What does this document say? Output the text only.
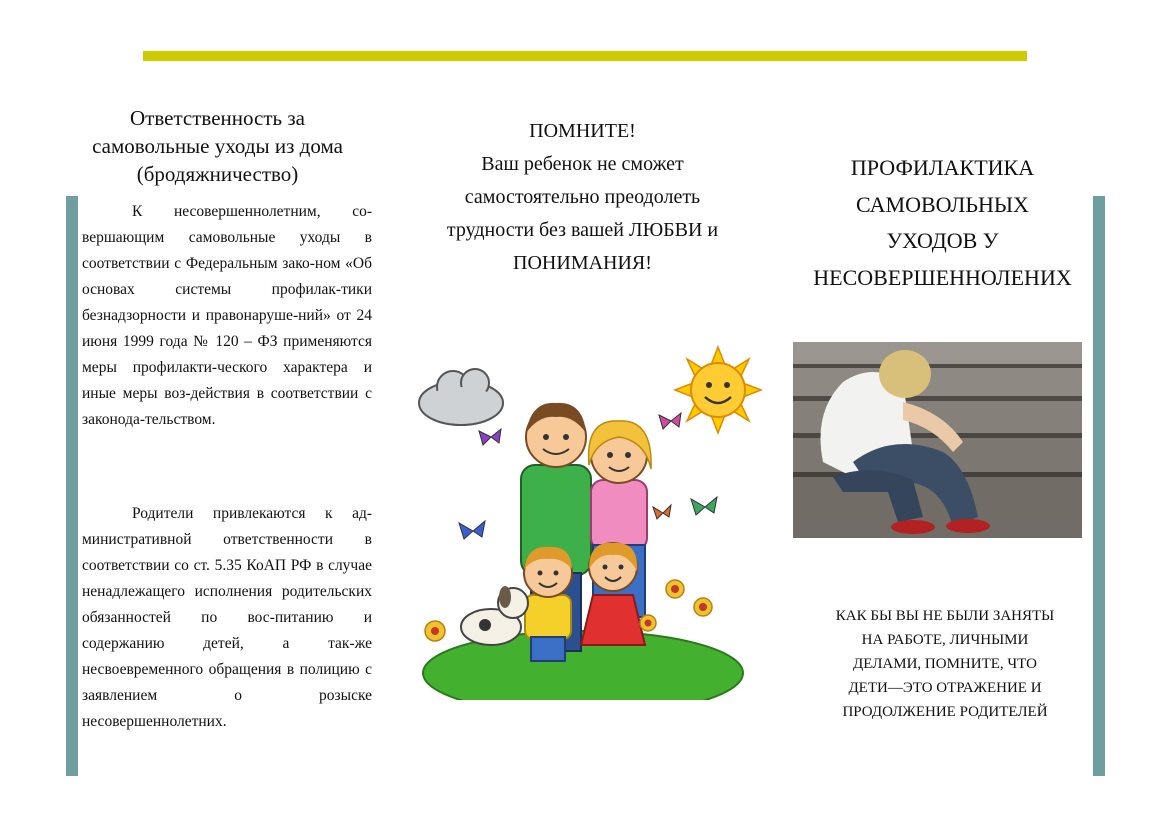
Ответственность за
самовольные уходы из дома
(бродяжничество)
К несовершеннолетним, со-вершающим самовольные уходы в соответствии с Федеральным зако-ном «Об основах системы профилак-тики безнадзорности и правонаруше-ний» от 24 июня 1999 года № 120 – ФЗ применяются меры профилакти-ческого характера и иные меры воз-действия в соответствии с законода-тельством.
Родители привлекаются к ад-министративной ответственности в соответствии со ст. 5.35 КоАП РФ в случае ненадлежащего исполнения родительских обязанностей по вос-питанию и содержанию детей, а так-же несвоевременного обращения в полицию с заявлением о розыске несовершеннолетних.
ПОМНИТЕ!
Ваш ребенок не сможет
самостоятельно преодолеть
трудности без вашей ЛЮБВИ и
ПОНИМАНИЯ!
ПРОФИЛАКТИКА
САМОВОЛЬНЫХ
УХОДОВ У
НЕСОВЕРШЕННОЛЕНИХ
КАК БЫ ВЫ НЕ БЫЛИ ЗАНЯТЫ
НА РАБОТЕ, ЛИЧНЫМИ
ДЕЛАМИ, ПОМНИТЕ, ЧТО
ДЕТИ—ЭТО ОТРАЖЕНИЕ И
ПРОДОЛЖЕНИЕ РОДИТЕЛЕЙ
